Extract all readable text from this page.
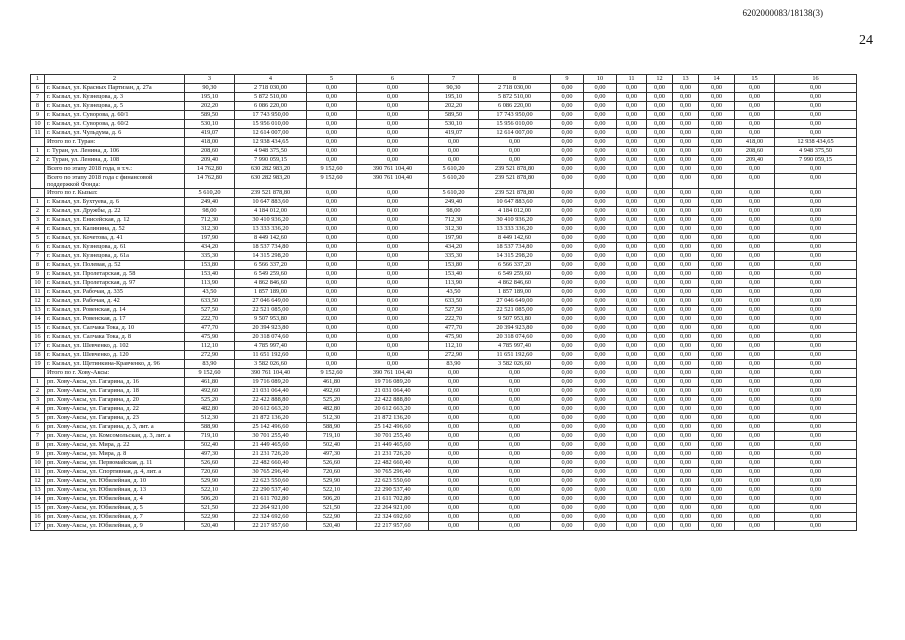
6202000083/18138(3)
24
1	2	3	4	5	6	7	8	9	10	11	12	13	14	15	16
6	г. Кызыл, ул. Красных Партизан, д. 27а	90,30	2 718 030,00	0,00	0,00	90,30	2 718 030,00	0,00	0,00	0,00	0,00	0,00	0,00	0,00	0,00
7	г. Кызыл, ул. Кузнецова, д. 3	195,10	5 872 510,00	0,00	0,00	195,10	5 872 510,00	0,00	0,00	0,00	0,00	0,00	0,00	0,00	0,00
8	г. Кызыл, ул. Кузнецова, д. 5	202,20	6 086 220,00	0,00	0,00	202,20	6 086 220,00	0,00	0,00	0,00	0,00	0,00	0,00	0,00	0,00
9	г. Кызыл, ул. Суворова, д. 60/1	589,50	17 743 950,00	0,00	0,00	589,50	17 743 950,00	0,00	0,00	0,00	0,00	0,00	0,00	0,00	0,00
10	г. Кызыл, ул. Суворова, д. 60/2	530,10	15 956 010,00	0,00	0,00	530,10	15 956 010,00	0,00	0,00	0,00	0,00	0,00	0,00	0,00	0,00
11	г. Кызыл, ул. Чульдума, д. 6	419,07	12 614 007,00	0,00	0,00	419,07	12 614 007,00	0,00	0,00	0,00	0,00	0,00	0,00	0,00	0,00
	Итого по г. Туран:	418,00	12 938 434,65	0,00	0,00	0,00	0,00	0,00	0,00	0,00	0,00	0,00	0,00	418,00	12 938 434,65
1	г. Туран, ул. Ленина, д. 106	208,60	4 948 375,50	0,00	0,00	0,00	0,00	0,00	0,00	0,00	0,00	0,00	0,00	208,60	4 948 375,50
2	г. Туран, ул. Ленина, д. 108	209,40	7 990 059,15	0,00	0,00	0,00	0,00	0,00	0,00	0,00	0,00	0,00	0,00	209,40	7 990 059,15
	Всего по этапу 2018 года, в т.ч.:	14 762,80	630 282 983,20	9 152,60	390 761 104,40	5 610,20	239 521 878,80	0,00	0,00	0,00	0,00	0,00	0,00	0,00	0,00
	Всего по этапу 2018 года с финансовой поддержкой Фонда:	14 762,80	630 282 983,20	9 152,60	390 761 104,40	5 610,20	239 521 878,80	0,00	0,00	0,00	0,00	0,00	0,00	0,00	0,00
	Итого по г. Кызыл:	5 610,20	239 521 878,80	0,00	0,00	5 610,20	239 521 878,80	0,00	0,00	0,00	0,00	0,00	0,00	0,00	0,00
1	г. Кызыл, ул. Бухтуева, д. 6	249,40	10 647 883,60	0,00	0,00	249,40	10 647 883,60	0,00	0,00	0,00	0,00	0,00	0,00	0,00	0,00
2	г. Кызыл, ул. Дружбы, д. 22	98,00	4 184 012,00	0,00	0,00	98,00	4 184 012,00	0,00	0,00	0,00	0,00	0,00	0,00	0,00	0,00
3	г. Кызыл, ул. Енисейская, д. 12	712,30	30 410 936,20	0,00	0,00	712,30	30 410 936,20	0,00	0,00	0,00	0,00	0,00	0,00	0,00	0,00
4	г. Кызыл, ул. Калинина, д. 52	312,30	13 333 336,20	0,00	0,00	312,30	13 333 336,20	0,00	0,00	0,00	0,00	0,00	0,00	0,00	0,00
5	г. Кызыл, ул. Кочетова, д. 41	197,90	8 449 142,60	0,00	0,00	197,90	8 449 142,60	0,00	0,00	0,00	0,00	0,00	0,00	0,00	0,00
6	г. Кызыл, ул. Кузнецова, д. 61	434,20	18 537 734,80	0,00	0,00	434,20	18 537 734,80	0,00	0,00	0,00	0,00	0,00	0,00	0,00	0,00
7	г. Кызыл, ул. Кузнецова, д. 61а	335,30	14 315 298,20	0,00	0,00	335,30	14 315 298,20	0,00	0,00	0,00	0,00	0,00	0,00	0,00	0,00
8	г. Кызыл, ул. Полевая, д. 52	153,80	6 566 337,20	0,00	0,00	153,80	6 566 337,20	0,00	0,00	0,00	0,00	0,00	0,00	0,00	0,00
9	г. Кызыл, ул. Пролетарская, д. 58	153,40	6 549 259,60	0,00	0,00	153,40	6 549 259,60	0,00	0,00	0,00	0,00	0,00	0,00	0,00	0,00
10	г. Кызыл, ул. Пролетарская, д. 97	113,90	4 862 846,60	0,00	0,00	113,90	4 862 846,60	0,00	0,00	0,00	0,00	0,00	0,00	0,00	0,00
11	г. Кызыл, ул. Рабочая, д. 335	43,50	1 857 189,00	0,00	0,00	43,50	1 857 189,00	0,00	0,00	0,00	0,00	0,00	0,00	0,00	0,00
12	г. Кызыл, ул. Рабочая, д. 42	633,50	27 046 649,00	0,00	0,00	633,50	27 046 649,00	0,00	0,00	0,00	0,00	0,00	0,00	0,00	0,00
13	г. Кызыл, ул. Ровенская, д. 14	527,50	22 521 085,00	0,00	0,00	527,50	22 521 085,00	0,00	0,00	0,00	0,00	0,00	0,00	0,00	0,00
14	г. Кызыл, ул. Ровенская, д. 17	222,70	9 507 953,80	0,00	0,00	222,70	9 507 953,80	0,00	0,00	0,00	0,00	0,00	0,00	0,00	0,00
15	г. Кызыл, ул. Салчака Тока, д. 10	477,70	20 394 923,80	0,00	0,00	477,70	20 394 923,80	0,00	0,00	0,00	0,00	0,00	0,00	0,00	0,00
16	г. Кызыл, ул. Салчака Тока, д. 8	475,90	20 318 074,60	0,00	0,00	475,90	20 318 074,60	0,00	0,00	0,00	0,00	0,00	0,00	0,00	0,00
17	г. Кызыл, ул. Шевченко, д. 102	112,10	4 785 997,40	0,00	0,00	112,10	4 785 997,40	0,00	0,00	0,00	0,00	0,00	0,00	0,00	0,00
18	г. Кызыл, ул. Шевченко, д. 120	272,90	11 651 192,60	0,00	0,00	272,90	11 651 192,60	0,00	0,00	0,00	0,00	0,00	0,00	0,00	0,00
19	г. Кызыл, ул. Щетинкина-Кравченко, д. 96	83,90	3 582 026,60	0,00	0,00	83,90	3 582 026,60	0,00	0,00	0,00	0,00	0,00	0,00	0,00	0,00
	Итого по г. Хову-Аксы:	9 152,60	390 761 104,40	9 152,60	390 761 104,40	0,00	0,00	0,00	0,00	0,00	0,00	0,00	0,00	0,00	0,00
1	рп. Хову-Аксы, ул. Гагарина, д. 16	461,80	19 716 089,20	461,80	19 716 089,20	0,00	0,00	0,00	0,00	0,00	0,00	0,00	0,00	0,00	0,00
2	рп. Хову-Аксы, ул. Гагарина, д. 18	492,60	21 031 064,40	492,60	21 031 064,40	0,00	0,00	0,00	0,00	0,00	0,00	0,00	0,00	0,00	0,00
3	рп. Хову-Аксы, ул. Гагарина, д. 20	525,20	22 422 888,80	525,20	22 422 888,80	0,00	0,00	0,00	0,00	0,00	0,00	0,00	0,00	0,00	0,00
4	рп. Хову-Аксы, ул. Гагарина, д. 22	482,80	20 612 663,20	482,80	20 612 663,20	0,00	0,00	0,00	0,00	0,00	0,00	0,00	0,00	0,00	0,00
5	рп. Хову-Аксы, ул. Гагарина, д. 23	512,30	21 872 136,20	512,30	21 872 136,20	0,00	0,00	0,00	0,00	0,00	0,00	0,00	0,00	0,00	0,00
6	рп. Хову-Аксы, ул. Гагарина, д. 3, лит. а	588,90	25 142 496,60	588,90	25 142 496,60	0,00	0,00	0,00	0,00	0,00	0,00	0,00	0,00	0,00	0,00
7	рп. Хову-Аксы, ул. Комсомольская, д. 3, лит. а	719,10	30 701 255,40	719,10	30 701 255,40	0,00	0,00	0,00	0,00	0,00	0,00	0,00	0,00	0,00	0,00
8	рп. Хову-Аксы, ул. Мира, д. 22	502,40	21 449 465,60	502,40	21 449 465,60	0,00	0,00	0,00	0,00	0,00	0,00	0,00	0,00	0,00	0,00
9	рп. Хову-Аксы, ул. Мира, д. 8	497,30	21 231 726,20	497,30	21 231 726,20	0,00	0,00	0,00	0,00	0,00	0,00	0,00	0,00	0,00	0,00
10	рп. Хову-Аксы, ул. Первомайская, д. 11	526,60	22 482 660,40	526,60	22 482 660,40	0,00	0,00	0,00	0,00	0,00	0,00	0,00	0,00	0,00	0,00
11	рп. Хову-Аксы, ул. Спортивная, д. 4, лит. а	720,60	30 765 296,40	720,60	30 765 296,40	0,00	0,00	0,00	0,00	0,00	0,00	0,00	0,00	0,00	0,00
12	рп. Хову-Аксы, ул. Юбилейная, д. 10	529,90	22 623 550,60	529,90	22 623 550,60	0,00	0,00	0,00	0,00	0,00	0,00	0,00	0,00	0,00	0,00
13	рп. Хову-Аксы, ул. Юбилейная, д. 13	522,10	22 290 537,40	522,10	22 290 537,40	0,00	0,00	0,00	0,00	0,00	0,00	0,00	0,00	0,00	0,00
14	рп. Хову-Аксы, ул. Юбилейная, д. 4	506,20	21 611 702,80	506,20	21 611 702,80	0,00	0,00	0,00	0,00	0,00	0,00	0,00	0,00	0,00	0,00
15	рп. Хову-Аксы, ул. Юбилейная, д. 5	521,50	22 264 921,00	521,50	22 264 921,00	0,00	0,00	0,00	0,00	0,00	0,00	0,00	0,00	0,00	0,00
16	рп. Хову-Аксы, ул. Юбилейная, д. 7	522,90	22 324 692,60	522,90	22 324 692,60	0,00	0,00	0,00	0,00	0,00	0,00	0,00	0,00	0,00	0,00
17	рп. Хову-Аксы, ул. Юбилейная, д. 9	520,40	22 217 957,60	520,40	22 217 957,60	0,00	0,00	0,00	0,00	0,00	0,00	0,00	0,00	0,00	0,00
